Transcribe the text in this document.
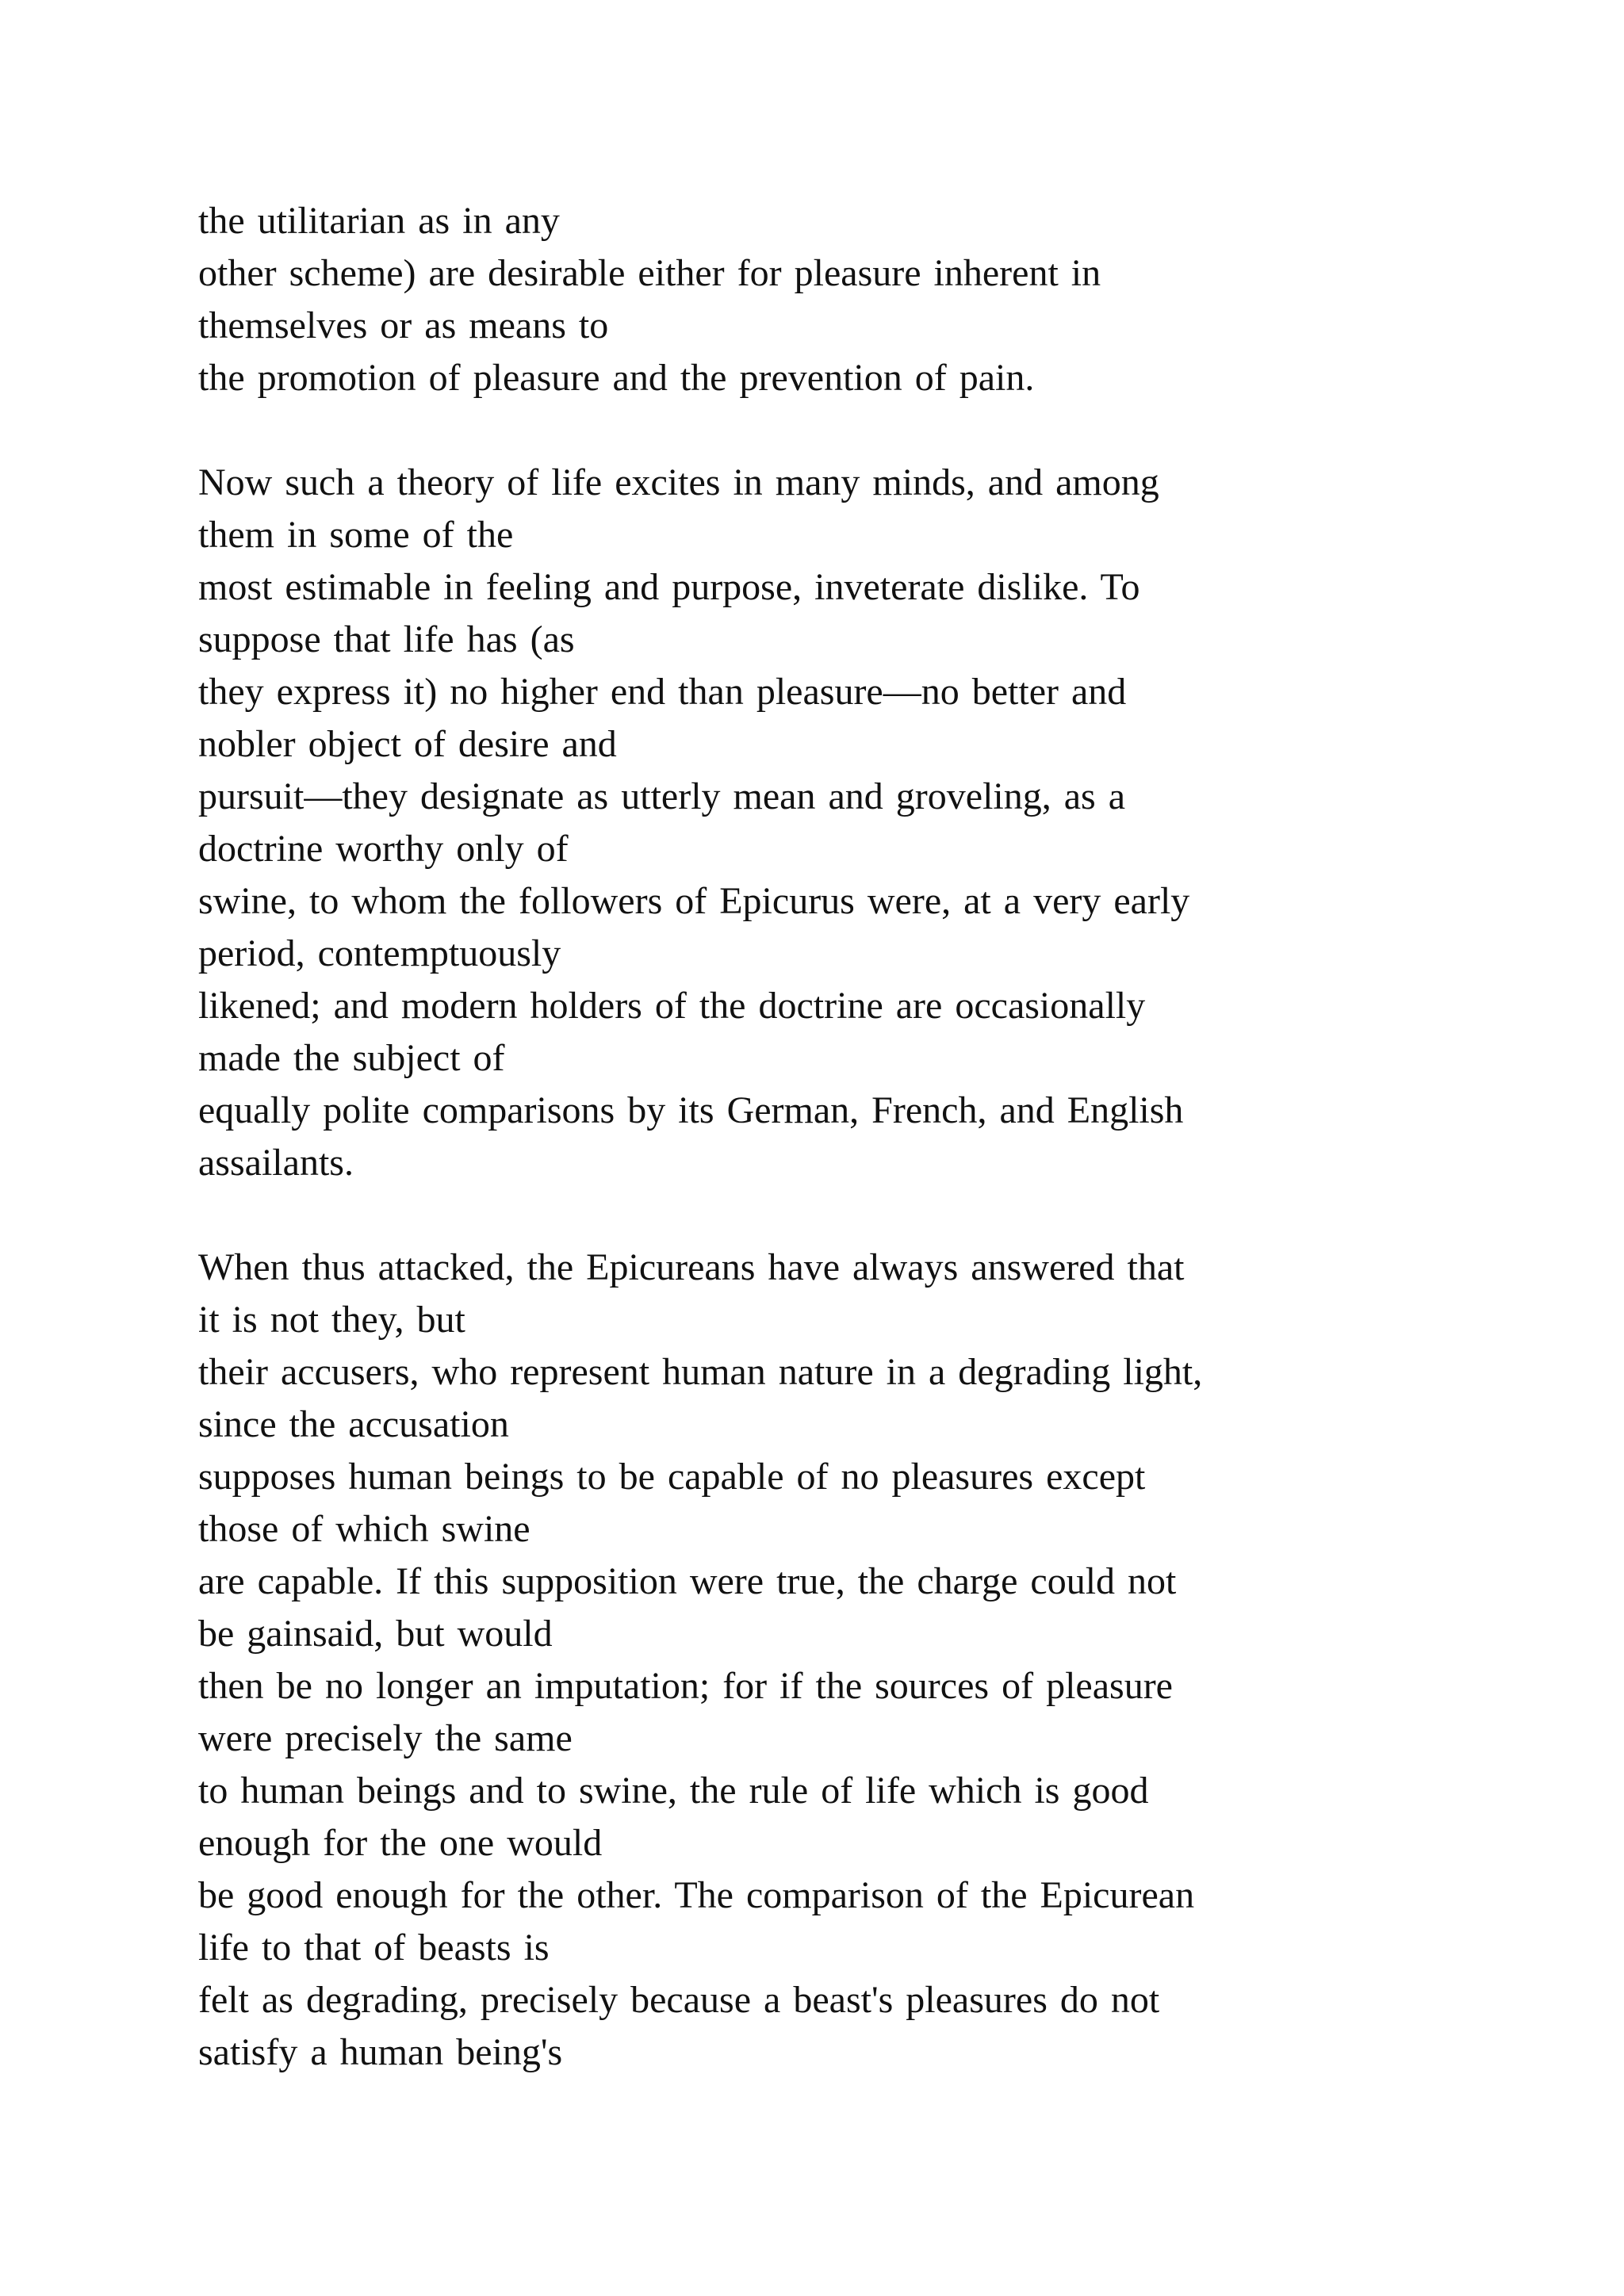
the utilitarian as in any
other scheme) are desirable either for pleasure inherent in
themselves or as means to
the promotion of pleasure and the prevention of pain.
Now such a theory of life excites in many minds, and among
them in some of the
most estimable in feeling and purpose, inveterate dislike. To
suppose that life has (as
they express it) no higher end than pleasure—no better and
nobler object of desire and
pursuit—they designate as utterly mean and groveling, as a
doctrine worthy only of
swine, to whom the followers of Epicurus were, at a very early
period, contemptuously
likened; and modern holders of the doctrine are occasionally
made the subject of
equally polite comparisons by its German, French, and English
assailants.
When thus attacked, the Epicureans have always answered that
it is not they, but
their accusers, who represent human nature in a degrading light,
since the accusation
supposes human beings to be capable of no pleasures except
those of which swine
are capable. If this supposition were true, the charge could not
be gainsaid, but would
then be no longer an imputation; for if the sources of pleasure
were precisely the same
to human beings and to swine, the rule of life which is good
enough for the one would
be good enough for the other. The comparison of the Epicurean
life to that of beasts is
felt as degrading, precisely because a beast's pleasures do not
satisfy a human being's
